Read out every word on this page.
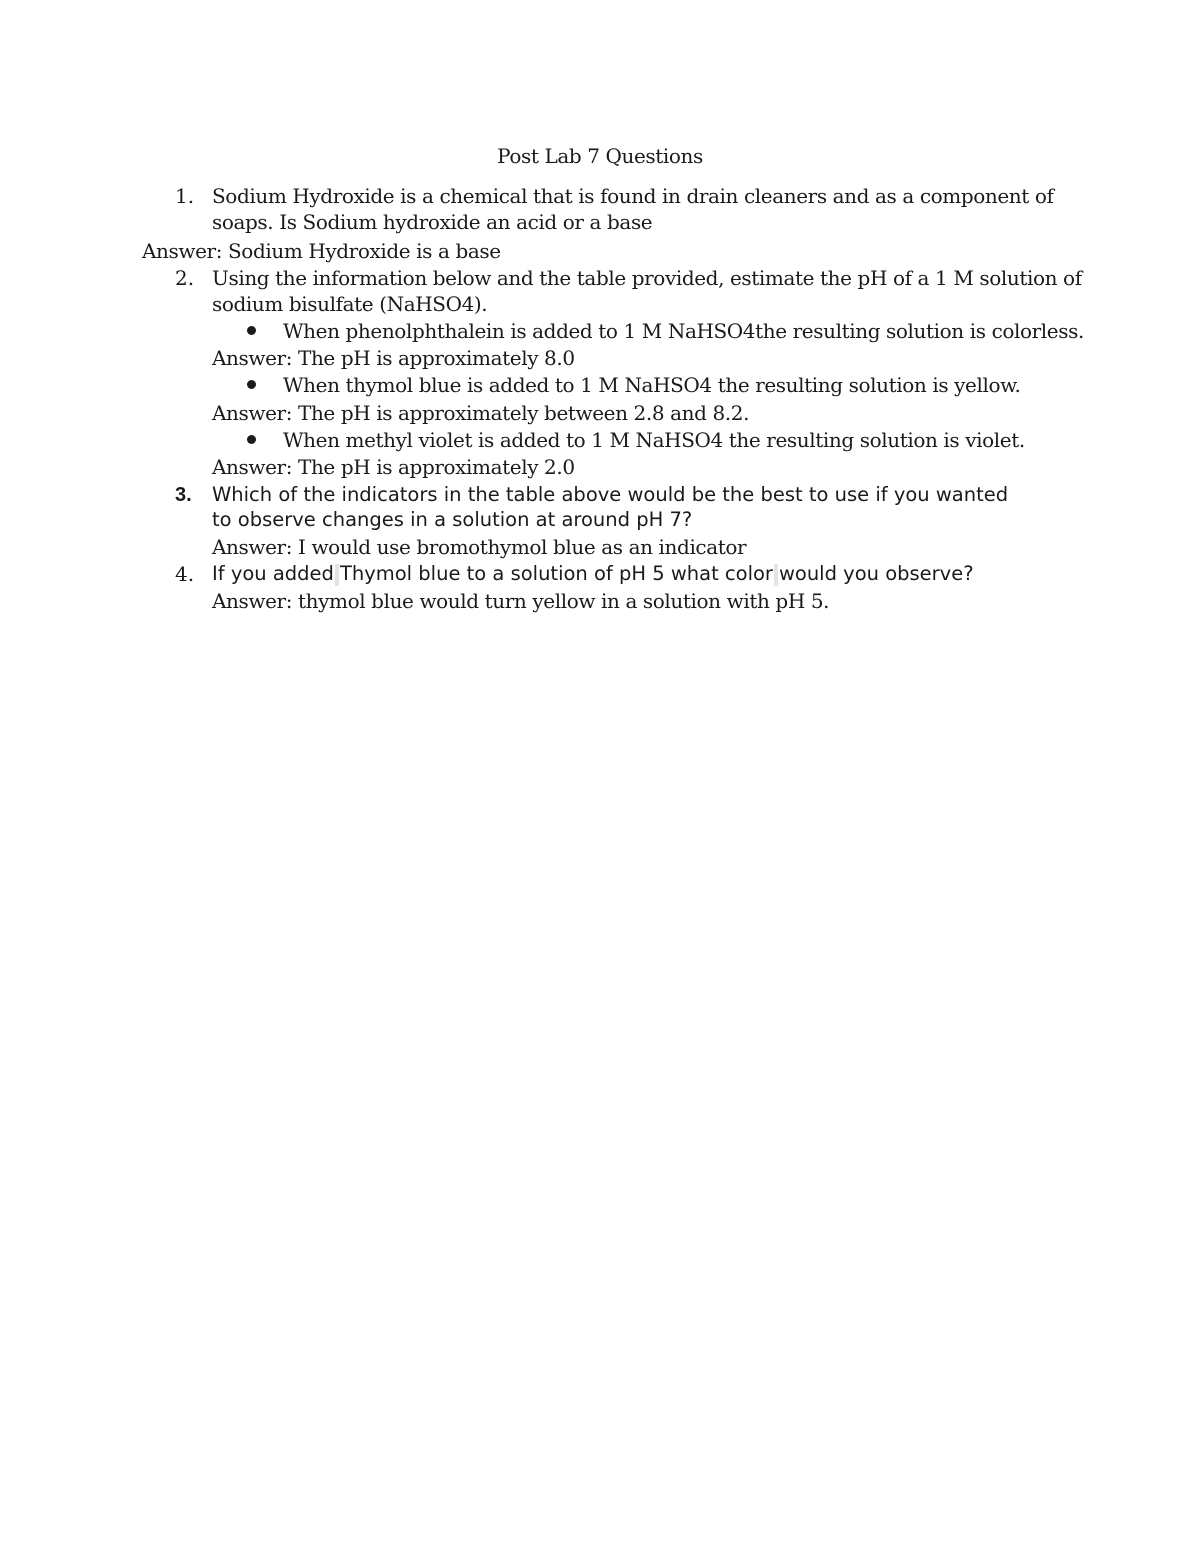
Post Lab 7 Questions
1. Sodium Hydroxide is a chemical that is found in drain cleaners and as a component of
soaps. Is Sodium hydroxide an acid or a base
Answer: Sodium Hydroxide is a base
2. Using the information below and the table provided, estimate the pH of a 1 M solution of
sodium bisulfate (NaHSO4).
When phenolphthalein is added to 1 M NaHSO4the resulting solution is colorless.
Answer: The pH is approximately 8.0
When thymol blue is added to 1 M NaHSO4 the resulting solution is yellow.
Answer: The pH is approximately between 2.8 and 8.2.
When methyl violet is added to 1 M NaHSO4 the resulting solution is violet.
Answer: The pH is approximately 2.0
3. Which of the indicators in the table above would be the best to use if you wanted
to observe changes in a solution at around pH 7?
Answer: I would use bromothymol blue as an indicator
4. If you added Thymol blue to a solution of pH 5 what color would you observe?
Answer: thymol blue would turn yellow in a solution with pH 5.
